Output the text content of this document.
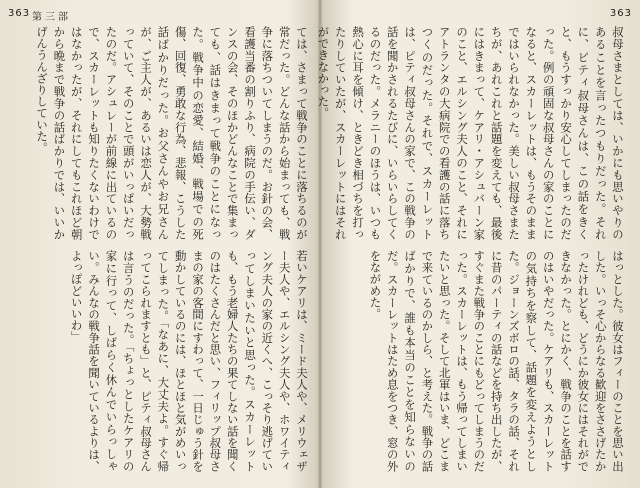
363 第三部
ては、さまって戦争のことに落ちるのが常だった。どんな話から始まっても、戦争に落ちついてしまうのだ。お針の会、看護当番の割りふり、病院の手伝い、ダンスの会、そのほかどんなことで集まっても、話はきまって戦争のことになった。戦争中の恋愛、結婚、戦場での死傷、回復、勇敢な行為、悲報、こうした話ばかりだった。お父さんやお兄さんが、ご主人が、あるいは恋人が、大勢戦っていて、そのことで頭がいっぱいだったのだ。アシュレーが前線に出ているので、スカーレットも知りたくないわけではなかったが、それにしてもこれほど朝から晩まで戦争の話ばかりでは、いいかげんうんざりしていた。
若いケアリは、ミード夫人や、メリウェザー夫人や、エルシング夫人や、ホワイティング夫人の家の近くへ、こっそり逃げていってしまいたいと思った。スカーレットも、もう老婦人たちの果てしない話を聞くのはたくさんだと思い、フィリップ叔母さまの家の客間にすわって、一日じゅう針を動かしているのには、ほとほと気がめいってしまった。「なあに、大丈夫よ。すぐ帰ってこられますとも」と、ピティ叔母さんは言うのだった。「ちょっとしたケアリの家に行って、しばらく休んでいらっしゃい。みんなの戦争話を聞いているよりは、よっぽどいいわ」
363
叔母さまとしては、いかにも思いやりのあることを言ったつもりだった。それに、ピティ叔母さんは、この話をきくと、もうすっかり安心してしまったのだった。例の頑固な叔母さんの家のことになると、スカーレットは、もうそのままではいられなかった。美しい叔母さまたちが、あれこれと話題を変えても、最後にはきまって、ケアリ・アシュバーン家のこと、エルシング夫人のこと、それにアトランタの大病院での看護の話に落ちつくのだった。それで、スカーレットは、ピティ叔母さんの家で、この戦争の話を聞かされるたびに、いらいらしてくるのだった。メラニーのほうは、いつも熱心に耳を傾け、ときどき相づちを打ったりしていたが、スカーレットにはそれができなかった。
はっとした。彼女はフィーのことを思い出した。いっそ心からなる歓迎をささげたかったけれども、どうにか彼女にはそれができなかった。とにかく、戦争のことを話すのはいやだった。ケアリも、スカーレットの気持ちを察して、話題を変えようとした。ジョーンズボロの話、タラの話、それに昔のパーティの話などを持ち出したが、すぐまた戦争のことにもどってしまうのだった。スカーレットは、もう帰ってしまいたいと思った。そして北軍はいま、どこまで来ているのかしら、と考えた。戦争の話ばかりで、誰も本当のことを知らないのだ。スカーレットはため息をつき、窓の外をながめた。
